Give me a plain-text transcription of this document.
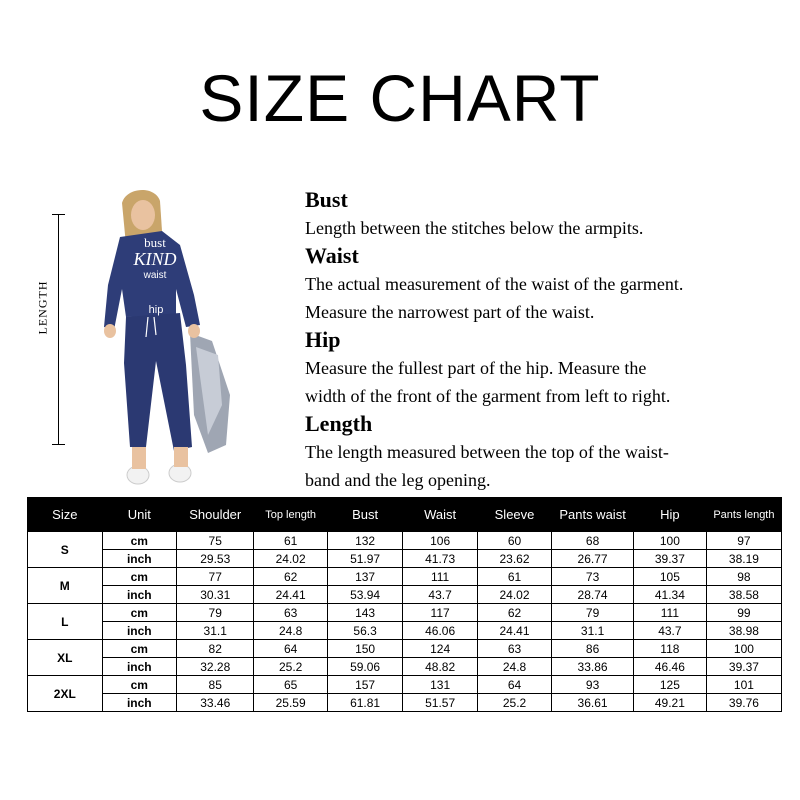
SIZE CHART
LENGTH
bust
KIND
waist
hip
Bust
Length between the stitches below the armpits.
Waist
The actual measurement of the waist of the garment.
Measure the narrowest part of the waist.
Hip
Measure the fullest part of the hip. Measure the
width of the front of the garment from left to right.
Length
The length measured between the top of the waist-
band and the leg opening.
Size	Unit	Shoulder	Top length	Bust	Waist	Sleeve	Pants waist	Hip	Pants length
S	cm	75	61	132	106	60	68	100	97
	inch	29.53	24.02	51.97	41.73	23.62	26.77	39.37	38.19
M	cm	77	62	137	111	61	73	105	98
	inch	30.31	24.41	53.94	43.7	24.02	28.74	41.34	38.58
L	cm	79	63	143	117	62	79	111	99
	inch	31.1	24.8	56.3	46.06	24.41	31.1	43.7	38.98
XL	cm	82	64	150	124	63	86	118	100
	inch	32.28	25.2	59.06	48.82	24.8	33.86	46.46	39.37
2XL	cm	85	65	157	131	64	93	125	101
	inch	33.46	25.59	61.81	51.57	25.2	36.61	49.21	39.76
